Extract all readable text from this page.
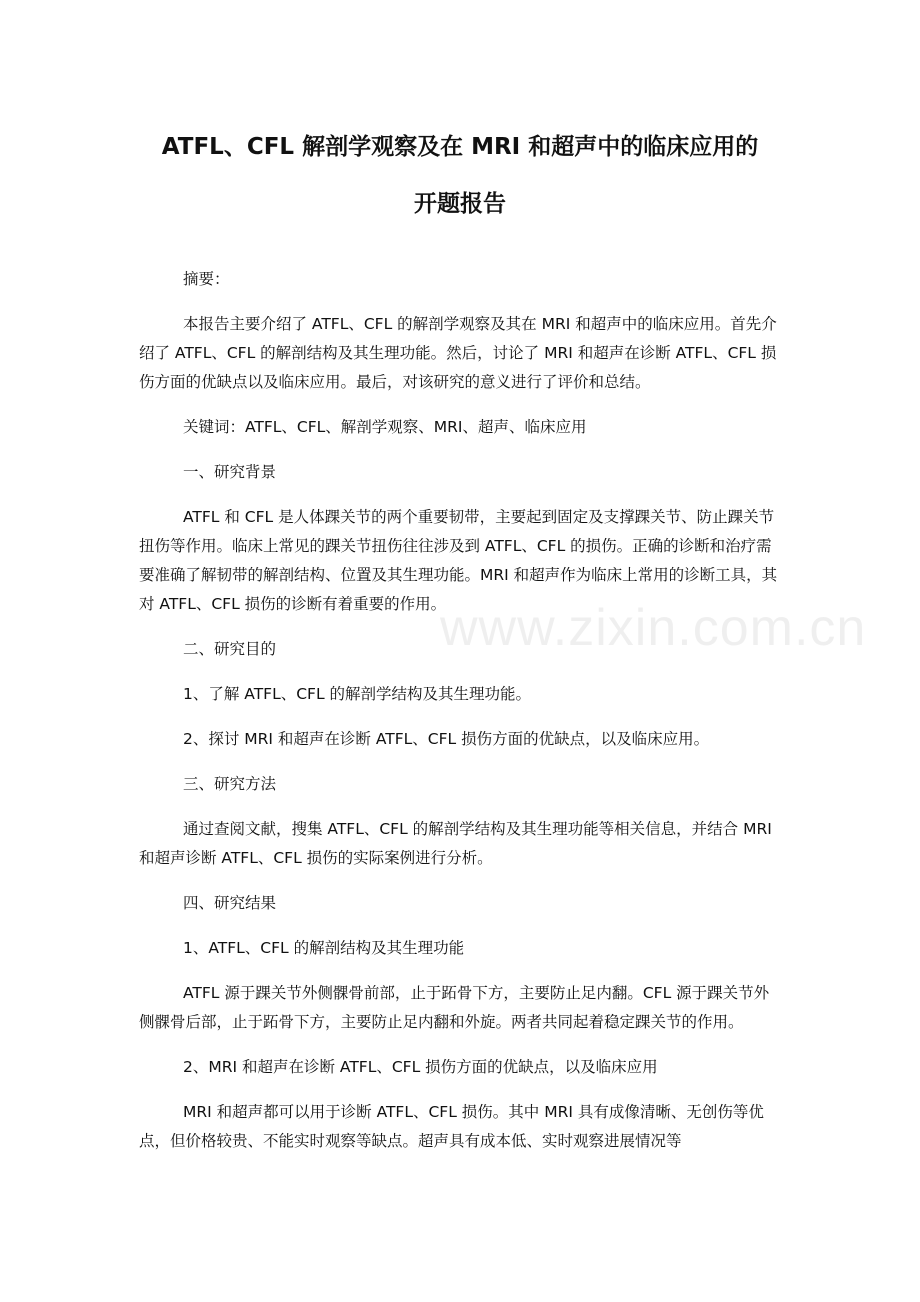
ATFL、CFL 解剖学观察及在 MRI 和超声中的临床应用的
开题报告
www.zixin.com.cn
摘要：
本报告主要介绍了 ATFL、CFL 的解剖学观察及其在 MRI 和超声中的临床应用。首先介绍了 ATFL、CFL 的解剖结构及其生理功能。然后，讨论了 MRI 和超声在诊断 ATFL、CFL 损伤方面的优缺点以及临床应用。最后，对该研究的意义进行了评价和总结。
关键词：ATFL、CFL、解剖学观察、MRI、超声、临床应用
一、研究背景
ATFL 和 CFL 是人体踝关节的两个重要韧带，主要起到固定及支撑踝关节、防止踝关节扭伤等作用。临床上常见的踝关节扭伤往往涉及到 ATFL、CFL 的损伤。正确的诊断和治疗需要准确了解韧带的解剖结构、位置及其生理功能。MRI 和超声作为临床上常用的诊断工具，其对 ATFL、CFL 损伤的诊断有着重要的作用。
二、研究目的
1、了解 ATFL、CFL 的解剖学结构及其生理功能。
2、探讨 MRI 和超声在诊断 ATFL、CFL 损伤方面的优缺点，以及临床应用。
三、研究方法
通过查阅文献，搜集 ATFL、CFL 的解剖学结构及其生理功能等相关信息，并结合 MRI 和超声诊断 ATFL、CFL 损伤的实际案例进行分析。
四、研究结果
1、ATFL、CFL 的解剖结构及其生理功能
ATFL 源于踝关节外侧髁骨前部，止于跖骨下方，主要防止足内翻。CFL 源于踝关节外侧髁骨后部，止于跖骨下方，主要防止足内翻和外旋。两者共同起着稳定踝关节的作用。
2、MRI 和超声在诊断 ATFL、CFL 损伤方面的优缺点，以及临床应用
MRI 和超声都可以用于诊断 ATFL、CFL 损伤。其中 MRI 具有成像清晰、无创伤等优点，但价格较贵、不能实时观察等缺点。超声具有成本低、实时观察进展情况等
